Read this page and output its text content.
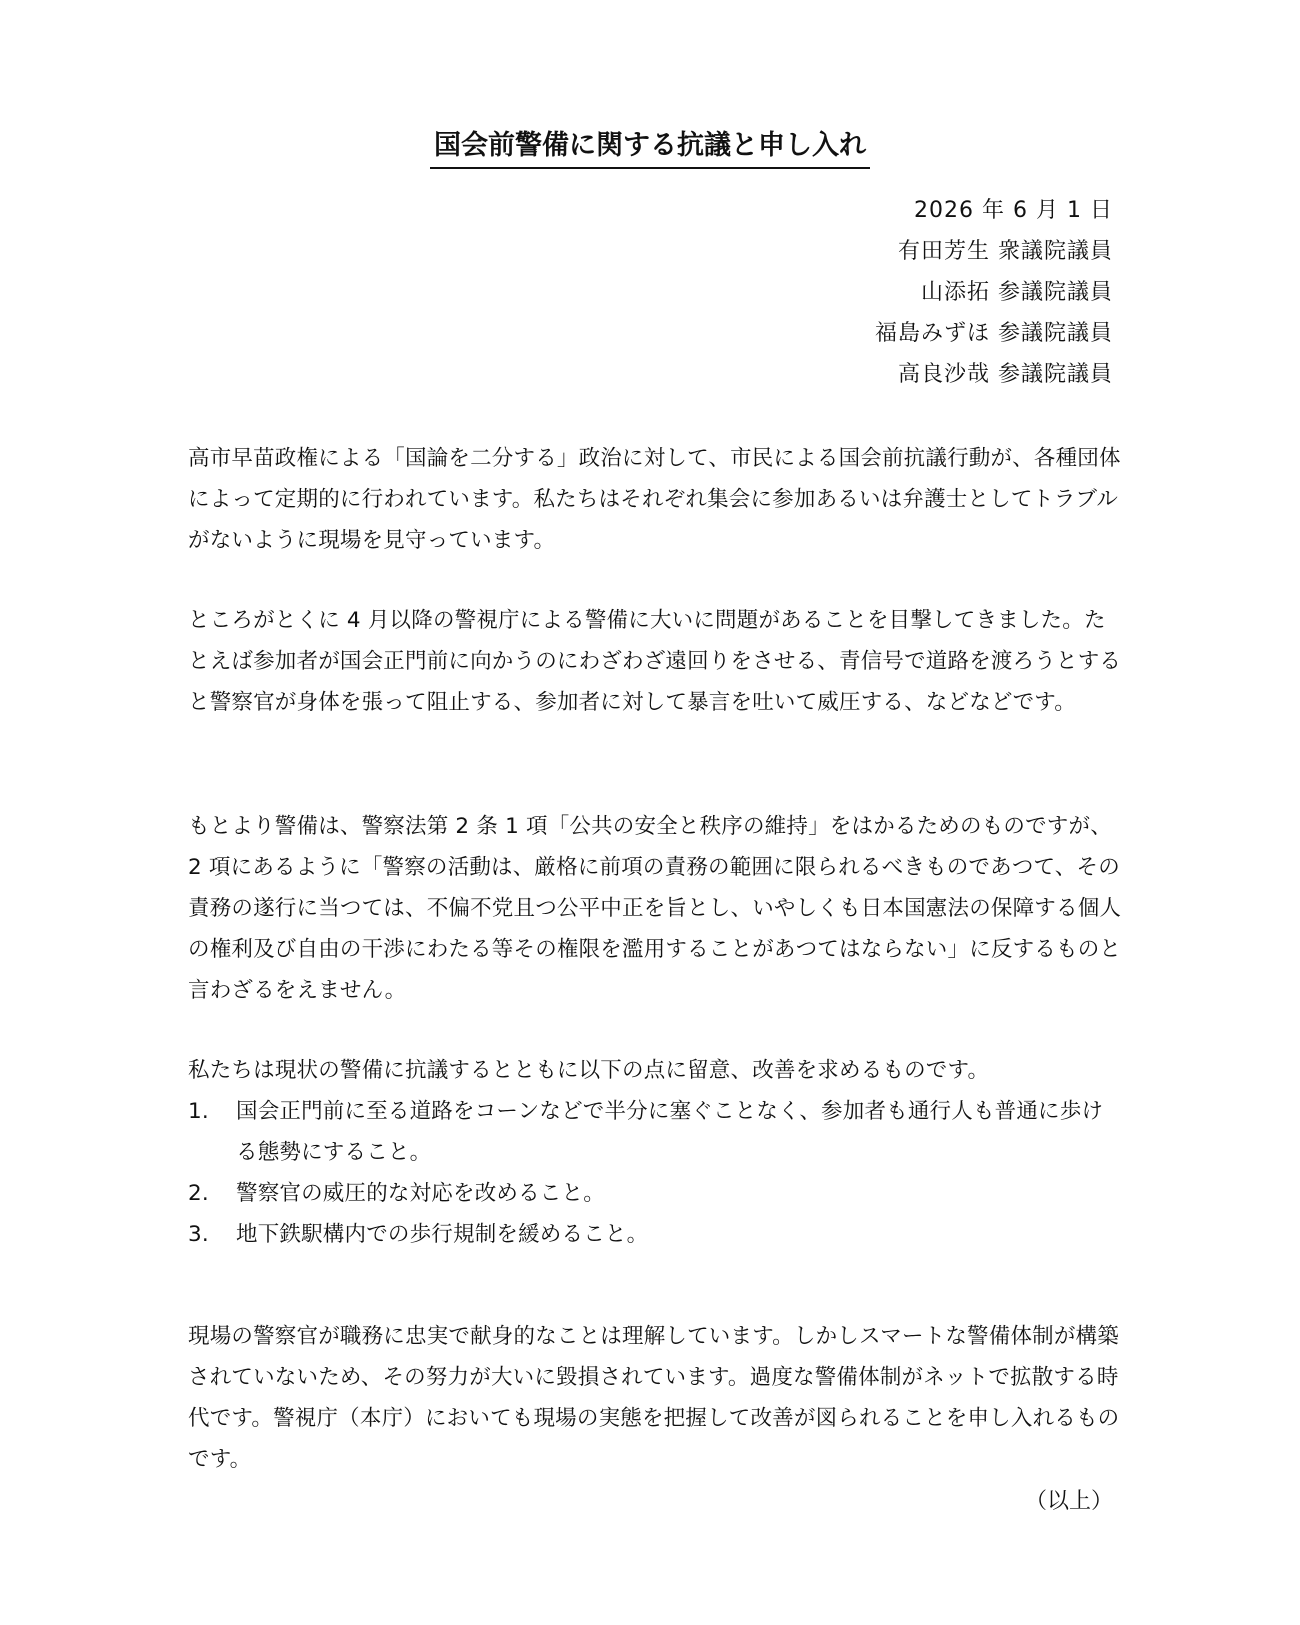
国会前警備に関する抗議と申し入れ
2026 年 6 月 1 日
有田芳生 衆議院議員
山添拓 参議院議員
福島みずほ 参議院議員
高良沙哉 参議院議員

高市早苗政権による「国論を二分する」政治に対して、市民による国会前抗議行動が、各種団体によって定期的に行われています。私たちはそれぞれ集会に参加あるいは弁護士としてトラブルがないように現場を見守っています。

ところがとくに 4 月以降の警視庁による警備に大いに問題があることを目撃してきました。たとえば参加者が国会正門前に向かうのにわざわざ遠回りをさせる、青信号で道路を渡ろうとすると警察官が身体を張って阻止する、参加者に対して暴言を吐いて威圧する、などなどです。

もとより警備は、警察法第 2 条 1 項「公共の安全と秩序の維持」をはかるためのものですが、2 項にあるように「警察の活動は、厳格に前項の責務の範囲に限られるべきものであつて、その責務の遂行に当つては、不偏不党且つ公平中正を旨とし、いやしくも日本国憲法の保障する個人の権利及び自由の干渉にわたる等その権限を濫用することがあつてはならない」に反するものと言わざるをえません。

私たちは現状の警備に抗議するとともに以下の点に留意、改善を求めるものです。

1.	国会正門前に至る道路をコーンなどで半分に塞ぐことなく、参加者も通行人も普通に歩ける態勢にすること。
2.	警察官の威圧的な対応を改めること。
3.	地下鉄駅構内での歩行規制を緩めること。

現場の警察官が職務に忠実で献身的なことは理解しています。しかしスマートな警備体制が構築されていないため、その努力が大いに毀損されています。過度な警備体制がネットで拡散する時代です。警視庁（本庁）においても現場の実態を把握して改善が図られることを申し入れるものです。

（以上）
